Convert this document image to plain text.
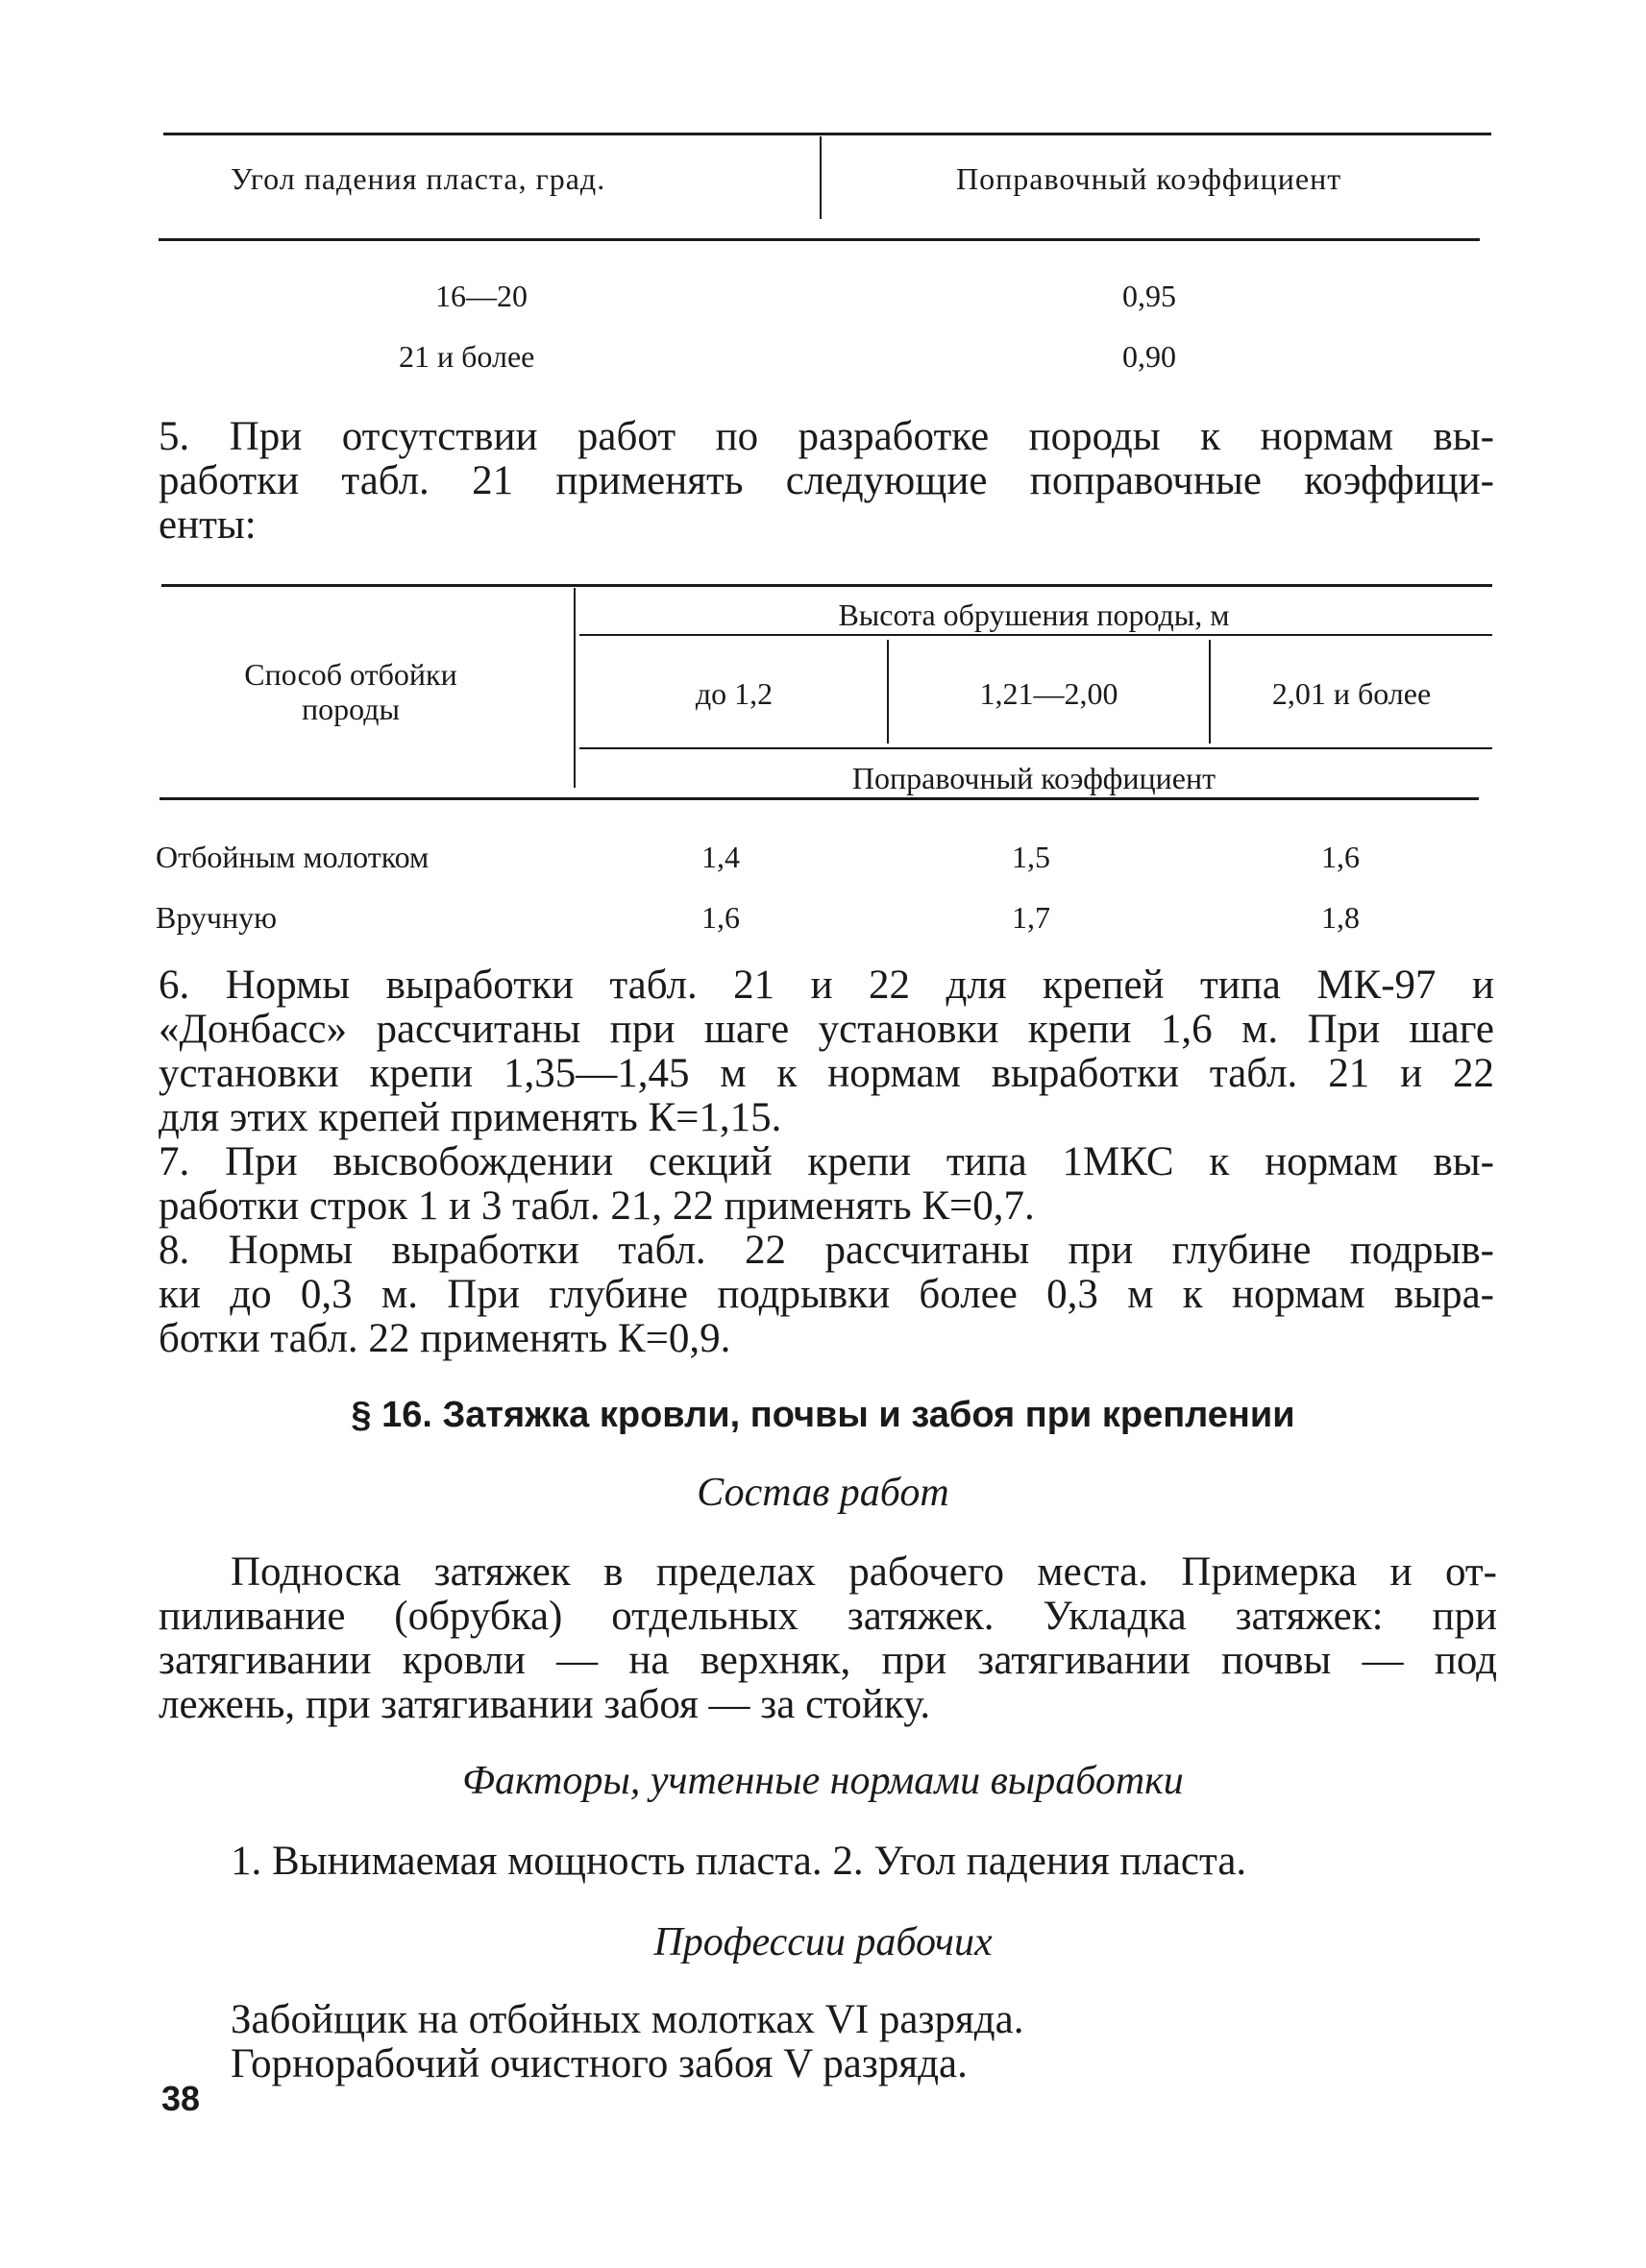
Угол падения пласта, град.	Поправочный коэффициент
16—20	0,95
21 и более	0,90
5. При отсутствии работ по разработке породы к нормам вы-
работки табл. 21 применять следующие поправочные коэффици-
енты:
Высота обрушения породы, м
Способ отбойки породы	до 1,2	1,21—2,00	2,01 и более
Поправочный коэффициент
Отбойным молотком	1,4	1,5	1,6
Вручную	1,6	1,7	1,8
6. Нормы выработки табл. 21 и 22 для крепей типа МК-97 и
«Донбасс» рассчитаны при шаге установки крепи 1,6 м. При шаге
установки крепи 1,35—1,45 м к нормам выработки табл. 21 и 22
для этих крепей применять К=1,15.
7. При высвобождении секций крепи типа 1МКС к нормам вы-
работки строк 1 и 3 табл. 21, 22 применять К=0,7.
8. Нормы выработки табл. 22 рассчитаны при глубине подрыв-
ки до 0,3 м. При глубине подрывки более 0,3 м к нормам выра-
ботки табл. 22 применять К=0,9.
§ 16. Затяжка кровли, почвы и забоя при креплении
Состав работ
Подноска затяжек в пределах рабочего места. Примерка и от-
пиливание (обрубка) отдельных затяжек. Укладка затяжек: при
затягивании кровли — на верхняк, при затягивании почвы — под
лежень, при затягивании забоя — за стойку.
Факторы, учтенные нормами выработки
1. Вынимаемая мощность пласта. 2. Угол падения пласта.
Профессии рабочих
Забойщик на отбойных молотках VI разряда.
Горнорабочий очистного забоя V разряда.
38
